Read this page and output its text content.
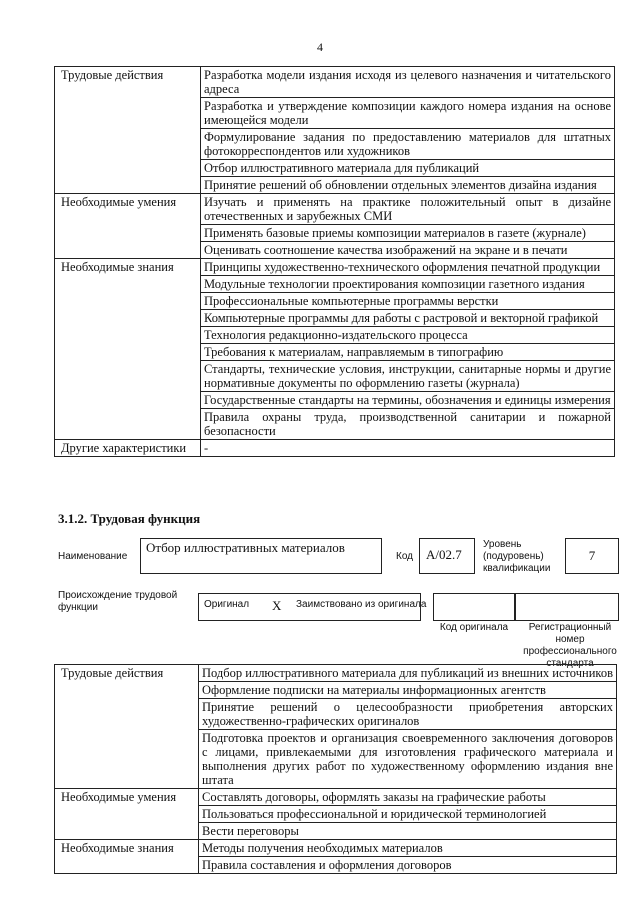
4
Трудовые действия	Разработка модели издания исходя из целевого назначения и читательского адреса
	Разработка и утверждение композиции каждого номера издания на основе имеющейся модели
	Формулирование задания по предоставлению материалов для штатных фотокорреспондентов или художников
	Отбор иллюстративного материала для публикаций
	Принятие решений об обновлении отдельных элементов дизайна издания
Необходимые умения	Изучать и применять на практике положительный опыт в дизайне отечественных и зарубежных СМИ
	Применять базовые приемы композиции материалов в газете (журнале)
	Оценивать соотношение качества изображений на экране и в печати
Необходимые знания	Принципы художественно-технического оформления печатной продукции
	Модульные технологии проектирования композиции газетного издания
	Профессиональные компьютерные программы верстки
	Компьютерные программы для работы с растровой и векторной графикой
	Технология редакционно-издательского процесса
	Требования к материалам, направляемым в типографию
	Стандарты, технические условия, инструкции, санитарные нормы и другие нормативные документы по оформлению газеты (журнала)
	Государственные стандарты на термины, обозначения и единицы измерения
	Правила охраны труда, производственной санитарии и пожарной безопасности
Другие характеристики	-
3.1.2. Трудовая функция
Наименование
Отбор иллюстративных материалов
Код А/02.7
Уровень (подуровень) квалификации
7
Происхождение трудовой функции	Оригинал X Заимствовано из оригинала
Код оригинала	Регистрационный номер профессионального стандарта
Трудовые действия	Подбор иллюстративного материала для публикаций из внешних источников
	Оформление подписки на материалы информационных агентств
	Принятие решений о целесообразности приобретения авторских художественно-графических оригиналов
	Подготовка проектов и организация своевременного заключения договоров с лицами, привлекаемыми для изготовления графического материала и выполнения других работ по художественному оформлению издания вне штата
Необходимые умения	Составлять договоры, оформлять заказы на графические работы
	Пользоваться профессиональной и юридической терминологией
	Вести переговоры
Необходимые знания	Методы получения необходимых материалов
	Правила составления и оформления договоров
